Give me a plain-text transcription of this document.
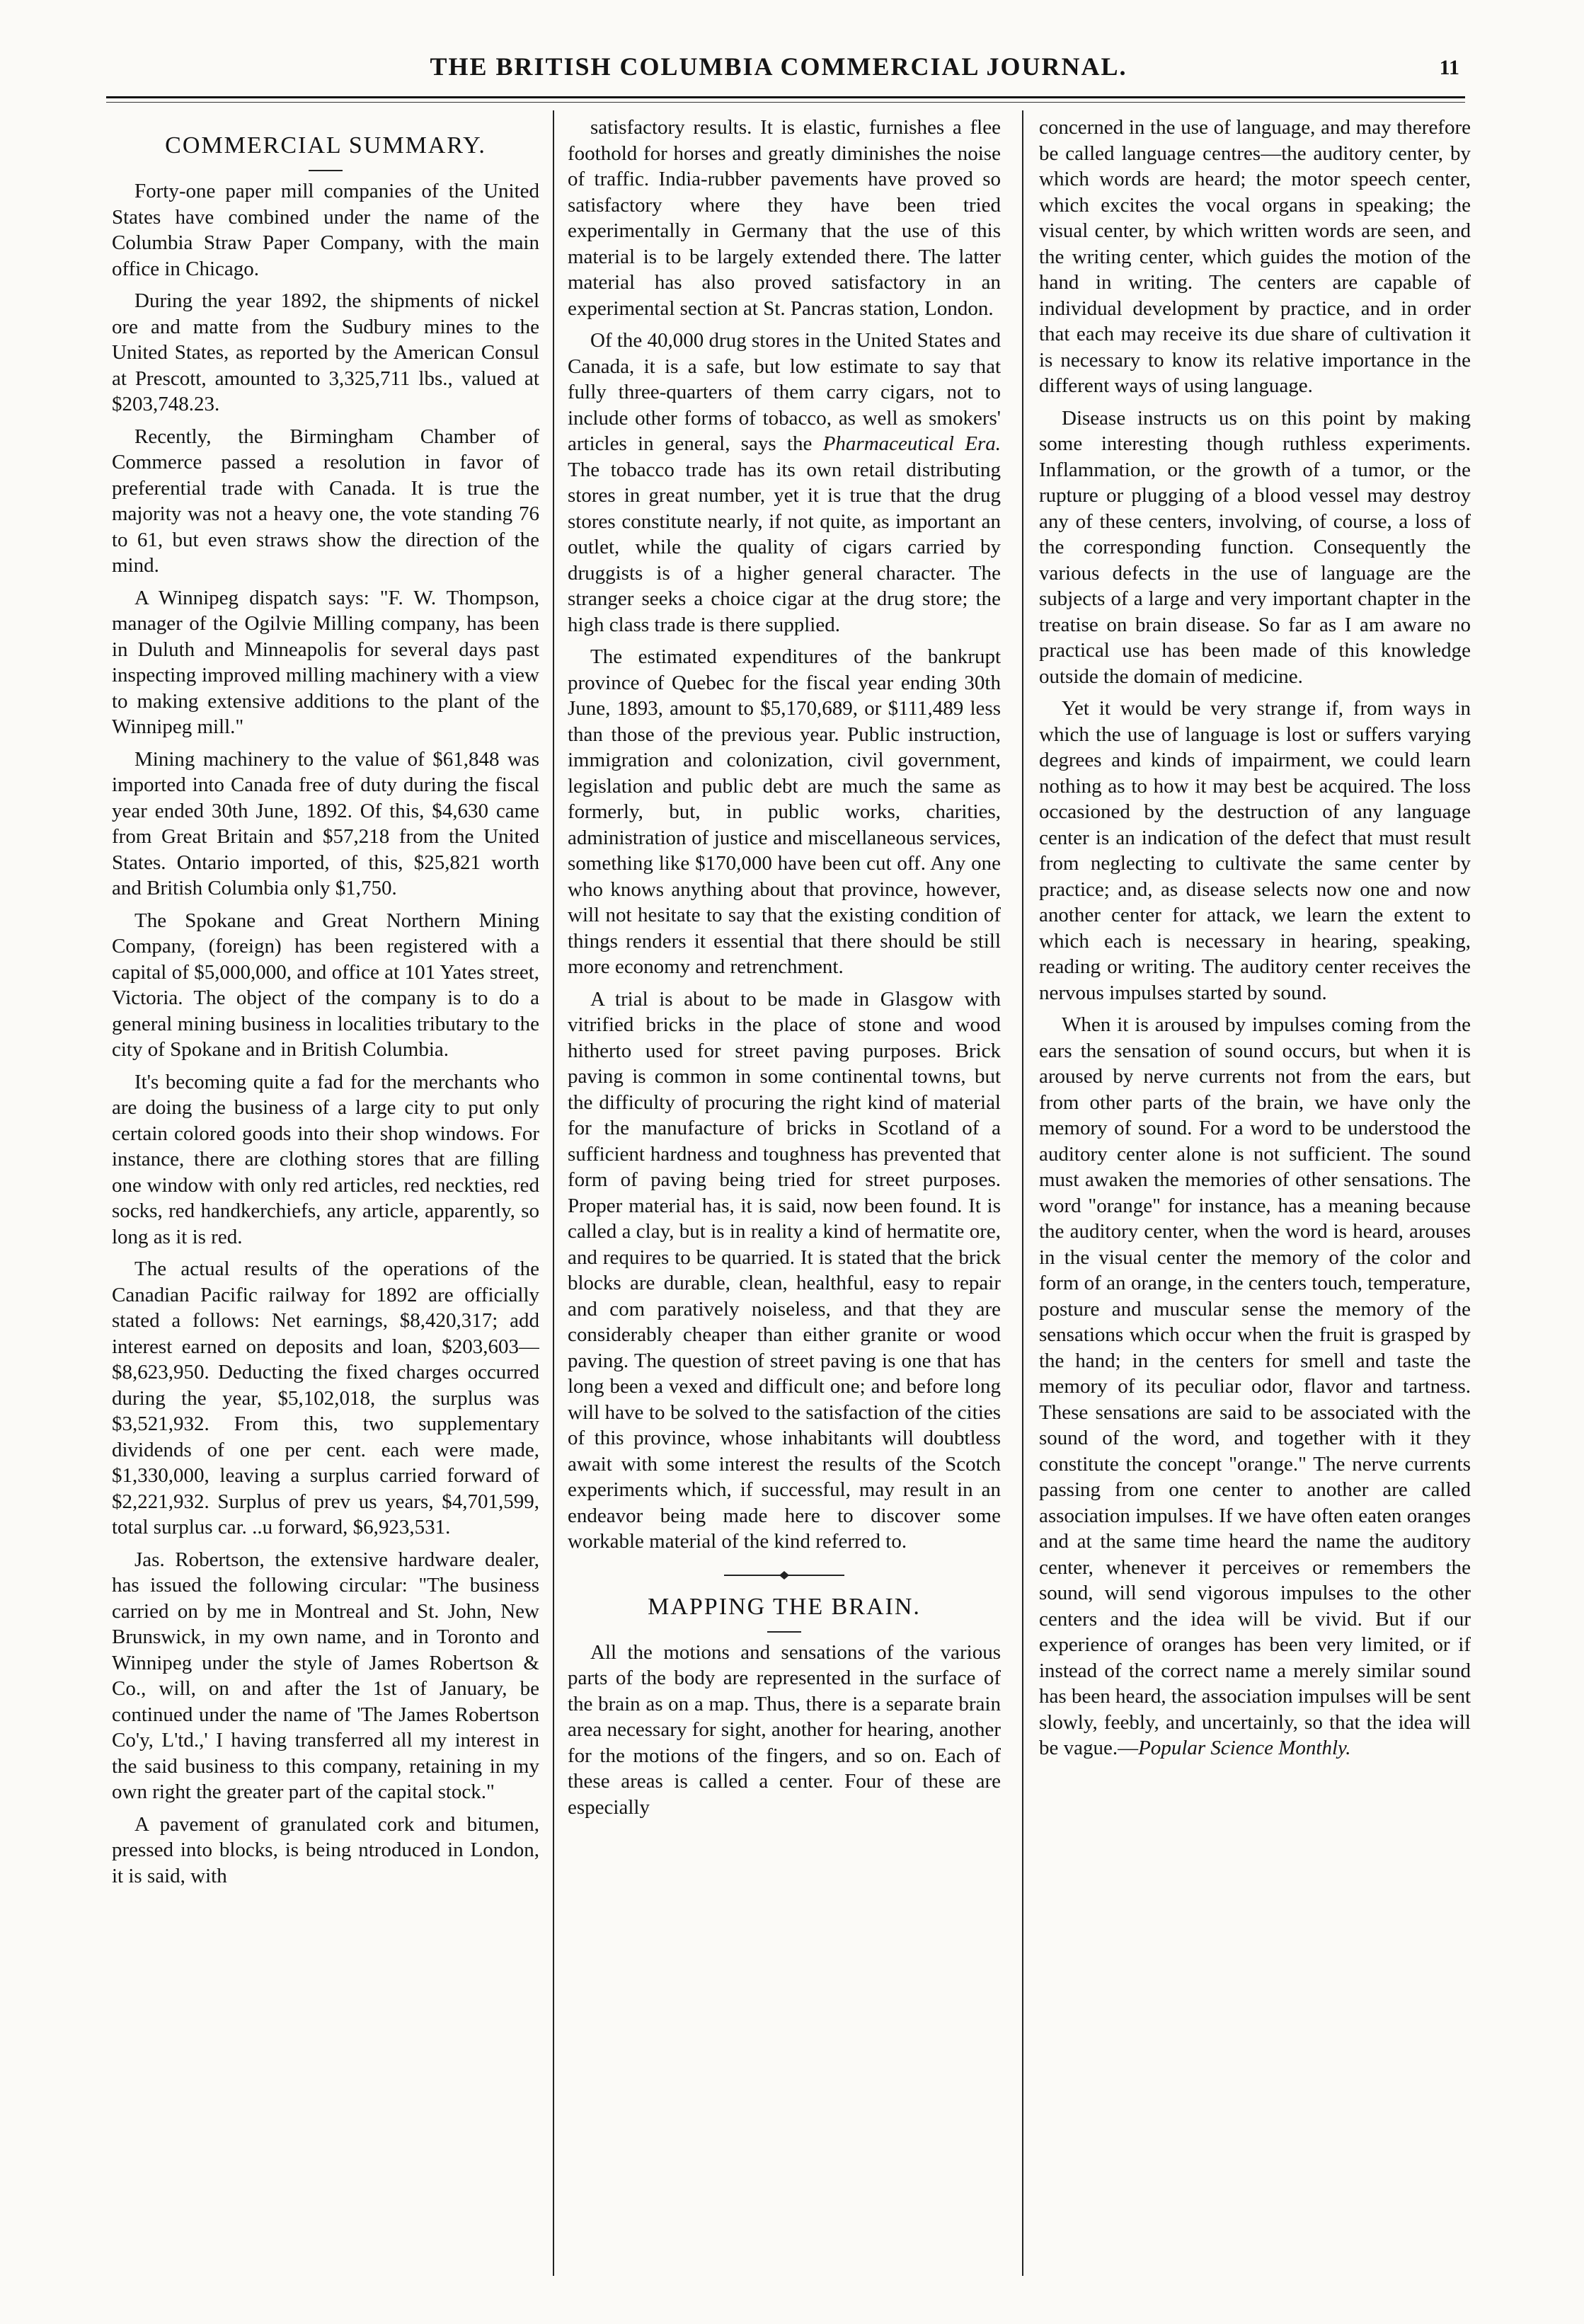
THE BRITISH COLUMBIA COMMERCIAL JOURNAL.	11
COMMERCIAL SUMMARY.

Forty-one paper mill companies of the United States have combined under the name of the Columbia Straw Paper Company, with the main office in Chicago.

During the year 1892, the shipments of nickel ore and matte from the Sudbury mines to the United States, as reported by the American Consul at Prescott, amounted to 3,325,711 lbs., valued at $203,748.23.

Recently, the Birmingham Chamber of Commerce passed a resolution in favor of preferential trade with Canada. It is true the majority was not a heavy one, the vote standing 76 to 61, but even straws show the direction of the mind.

A Winnipeg dispatch says: "F. W. Thompson, manager of the Ogilvie Milling company, has been in Duluth and Minneapolis for several days past inspecting improved milling machinery with a view to making extensive additions to the plant of the Winnipeg mill."

Mining machinery to the value of $61,848 was imported into Canada free of duty during the fiscal year ended 30th June, 1892. Of this, $4,630 came from Great Britain and $57,218 from the United States. Ontario imported, of this, $25,821 worth and British Columbia only $1,750.

The Spokane and Great Northern Mining Company, (foreign) has been registered with a capital of $5,000,000, and office at 101 Yates street, Victoria. The object of the company is to do a general mining business in localities tributary to the city of Spokane and in British Columbia.

It's becoming quite a fad for the merchants who are doing the business of a large city to put only certain colored goods into their shop windows. For instance, there are clothing stores that are filling one window with only red articles, red neckties, red socks, red handkerchiefs, any article, apparently, so long as it is red.

The actual results of the operations of the Canadian Pacific railway for 1892 are officially stated a follows: Net earnings, $8,420,317; add interest earned on deposits and loan, $203,603—$8,623,950. Deducting the fixed charges occurred during the year, $5,102,018, the surplus was $3,521,932. From this, two supplementary dividends of one per cent. each were made, $1,330,000, leaving a surplus carried forward of $2,221,932. Surplus of prev us years, $4,701,599, total surplus car. ..u forward, $6,923,531.

Jas. Robertson, the extensive hardware dealer, has issued the following circular: "The business carried on by me in Montreal and St. John, New Brunswick, in my own name, and in Toronto and Winnipeg under the style of James Robertson & Co., will, on and after the 1st of January, be continued under the name of 'The James Robertson Co'y, L'td.,' I having transferred all my interest in the said business to this company, retaining in my own right the greater part of the capital stock."

A pavement of granulated cork and bitumen, pressed into blocks, is being ntroduced in London, it is said, with

satisfactory results. It is elastic, furnishes a flee foothold for horses and greatly diminishes the noise of traffic. India-rubber pavements have proved so satisfactory where they have been tried experimentally in Germany that the use of this material is to be largely extended there. The latter material has also proved satisfactory in an experimental section at St. Pancras station, London.

Of the 40,000 drug stores in the United States and Canada, it is a safe, but low estimate to say that fully three-quarters of them carry cigars, not to include other forms of tobacco, as well as smokers' articles in general, says the Pharmaceutical Era. The tobacco trade has its own retail distributing stores in great number, yet it is true that the drug stores constitute nearly, if not quite, as important an outlet, while the quality of cigars carried by druggists is of a higher general character. The stranger seeks a choice cigar at the drug store; the high class trade is there supplied.

The estimated expenditures of the bankrupt province of Quebec for the fiscal year ending 30th June, 1893, amount to $5,170,689, or $111,489 less than those of the previous year. Public instruction, immigration and colonization, civil government, legislation and public debt are much the same as formerly, but, in public works, charities, administration of justice and miscellaneous services, something like $170,000 have been cut off. Any one who knows anything about that province, however, will not hesitate to say that the existing condition of things renders it essential that there should be still more economy and retrenchment.

A trial is about to be made in Glasgow with vitrified bricks in the place of stone and wood hitherto used for street paving purposes. Brick paving is common in some continental towns, but the difficulty of procuring the right kind of material for the manufacture of bricks in Scotland of a sufficient hardness and toughness has prevented that form of paving being tried for street purposes. Proper material has, it is said, now been found. It is called a clay, but is in reality a kind of hermatite ore, and requires to be quarried. It is stated that the brick blocks are durable, clean, healthful, easy to repair and com paratively noiseless, and that they are considerably cheaper than either granite or wood paving. The question of street paving is one that has long been a vexed and difficult one; and before long will have to be solved to the satisfaction of the cities of this province, whose inhabitants will doubtless await with some interest the results of the Scotch experiments which, if successful, may result in an endeavor being made here to discover some workable material of the kind referred to.

MAPPING THE BRAIN.

All the motions and sensations of the various parts of the body are represented in the surface of the brain as on a map. Thus, there is a separate brain area necessary for sight, another for hearing, another for the motions of the fingers, and so on. Each of these areas is called a center. Four of these are especially

concerned in the use of language, and may therefore be called language centres—the auditory center, by which words are heard; the motor speech center, which excites the vocal organs in speaking; the visual center, by which written words are seen, and the writing center, which guides the motion of the hand in writing. The centers are capable of individual development by practice, and in order that each may receive its due share of cultivation it is necessary to know its relative importance in the different ways of using language.

Disease instructs us on this point by making some interesting though ruthless experiments. Inflammation, or the growth of a tumor, or the rupture or plugging of a blood vessel may destroy any of these centers, involving, of course, a loss of the corresponding function. Consequently the various defects in the use of language are the subjects of a large and very important chapter in the treatise on brain disease. So far as I am aware no practical use has been made of this knowledge outside the domain of medicine.

Yet it would be very strange if, from ways in which the use of language is lost or suffers varying degrees and kinds of impairment, we could learn nothing as to how it may best be acquired. The loss occasioned by the destruction of any language center is an indication of the defect that must result from neglecting to cultivate the same center by practice; and, as disease selects now one and now another center for attack, we learn the extent to which each is necessary in hearing, speaking, reading or writing. The auditory center receives the nervous impulses started by sound.

When it is aroused by impulses coming from the ears the sensation of sound occurs, but when it is aroused by nerve currents not from the ears, but from other parts of the brain, we have only the memory of sound. For a word to be understood the auditory center alone is not sufficient. The sound must awaken the memories of other sensations. The word "orange" for instance, has a meaning because the auditory center, when the word is heard, arouses in the visual center the memory of the color and form of an orange, in the centers touch, temperature, posture and muscular sense the memory of the sensations which occur when the fruit is grasped by the hand; in the centers for smell and taste the memory of its peculiar odor, flavor and tartness. These sensations are said to be associated with the sound of the word, and together with it they constitute the concept "orange." The nerve currents passing from one center to another are called association impulses. If we have often eaten oranges and at the same time heard the name the auditory center, whenever it perceives or remembers the sound, will send vigorous impulses to the other centers and the idea will be vivid. But if our experience of oranges has been very limited, or if instead of the correct name a merely similar sound has been heard, the association impulses will be sent slowly, feebly, and uncertainly, so that the idea will be vague.—Popular Science Monthly.
